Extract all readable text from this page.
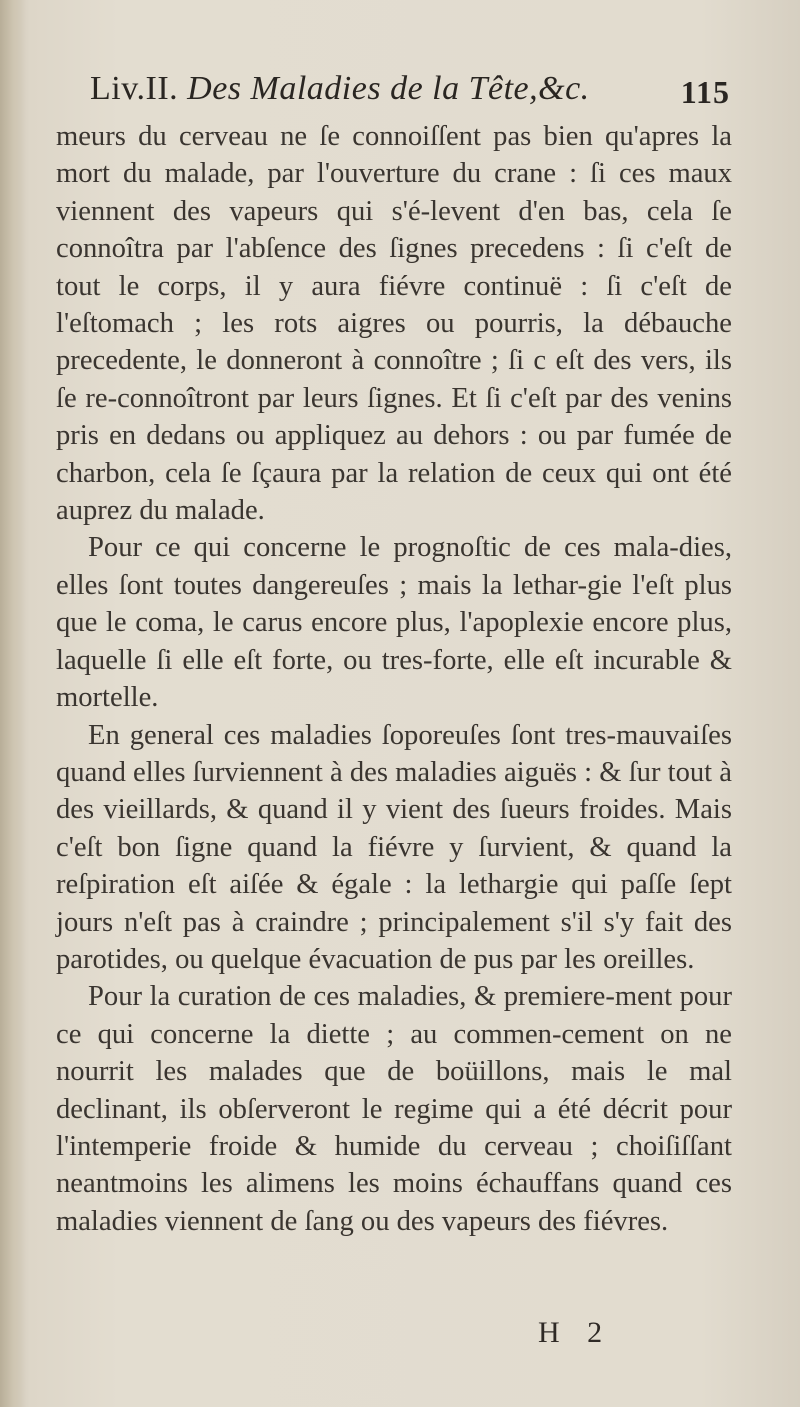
Liv.II. Des Maladies de la Tête,&c.	115

meurs du cerveau ne ſe connoiſſent pas bien qu'apres la mort du malade, par l'ouverture du crane : ſi ces maux viennent des vapeurs qui s'é-levent d'en bas, cela ſe connoîtra par l'abſence des ſignes precedens : ſi c'eſt de tout le corps, il y aura fiévre continuë : ſi c'eſt de l'eſtomach ; les rots aigres ou pourris, la débauche precedente, le donneront à connoître ; ſi c eſt des vers, ils ſe re-connoîtront par leurs ſignes. Et ſi c'eſt par des venins pris en dedans ou appliquez au dehors : ou par fumée de charbon, cela ſe ſçaura par la relation de ceux qui ont été auprez du malade.

Pour ce qui concerne le prognoſtic de ces mala-dies, elles ſont toutes dangereuſes ; mais la lethar-gie l'eſt plus que le coma, le carus encore plus, l'apoplexie encore plus, laquelle ſi elle eſt forte, ou tres-forte, elle eſt incurable & mortelle.

En general ces maladies ſoporeuſes ſont tres-mauvaiſes quand elles ſurviennent à des maladies aiguës : & ſur tout à des vieillards, & quand il y vient des ſueurs froides. Mais c'eſt bon ſigne quand la fiévre y ſurvient, & quand la reſpiration eſt aiſée & égale : la lethargie qui paſſe ſept jours n'eſt pas à craindre ; principalement s'il s'y fait des parotides, ou quelque évacuation de pus par les oreilles.

Pour la curation de ces maladies, & premiere-ment pour ce qui concerne la diette ; au commen-cement on ne nourrit les malades que de boüillons, mais le mal declinant, ils obſerveront le regime qui a été décrit pour l'intemperie froide & humide du cerveau ; choiſiſſant neantmoins les alimens les moins échauffans quand ces maladies viennent de ſang ou des vapeurs des fiévres.

H 2
